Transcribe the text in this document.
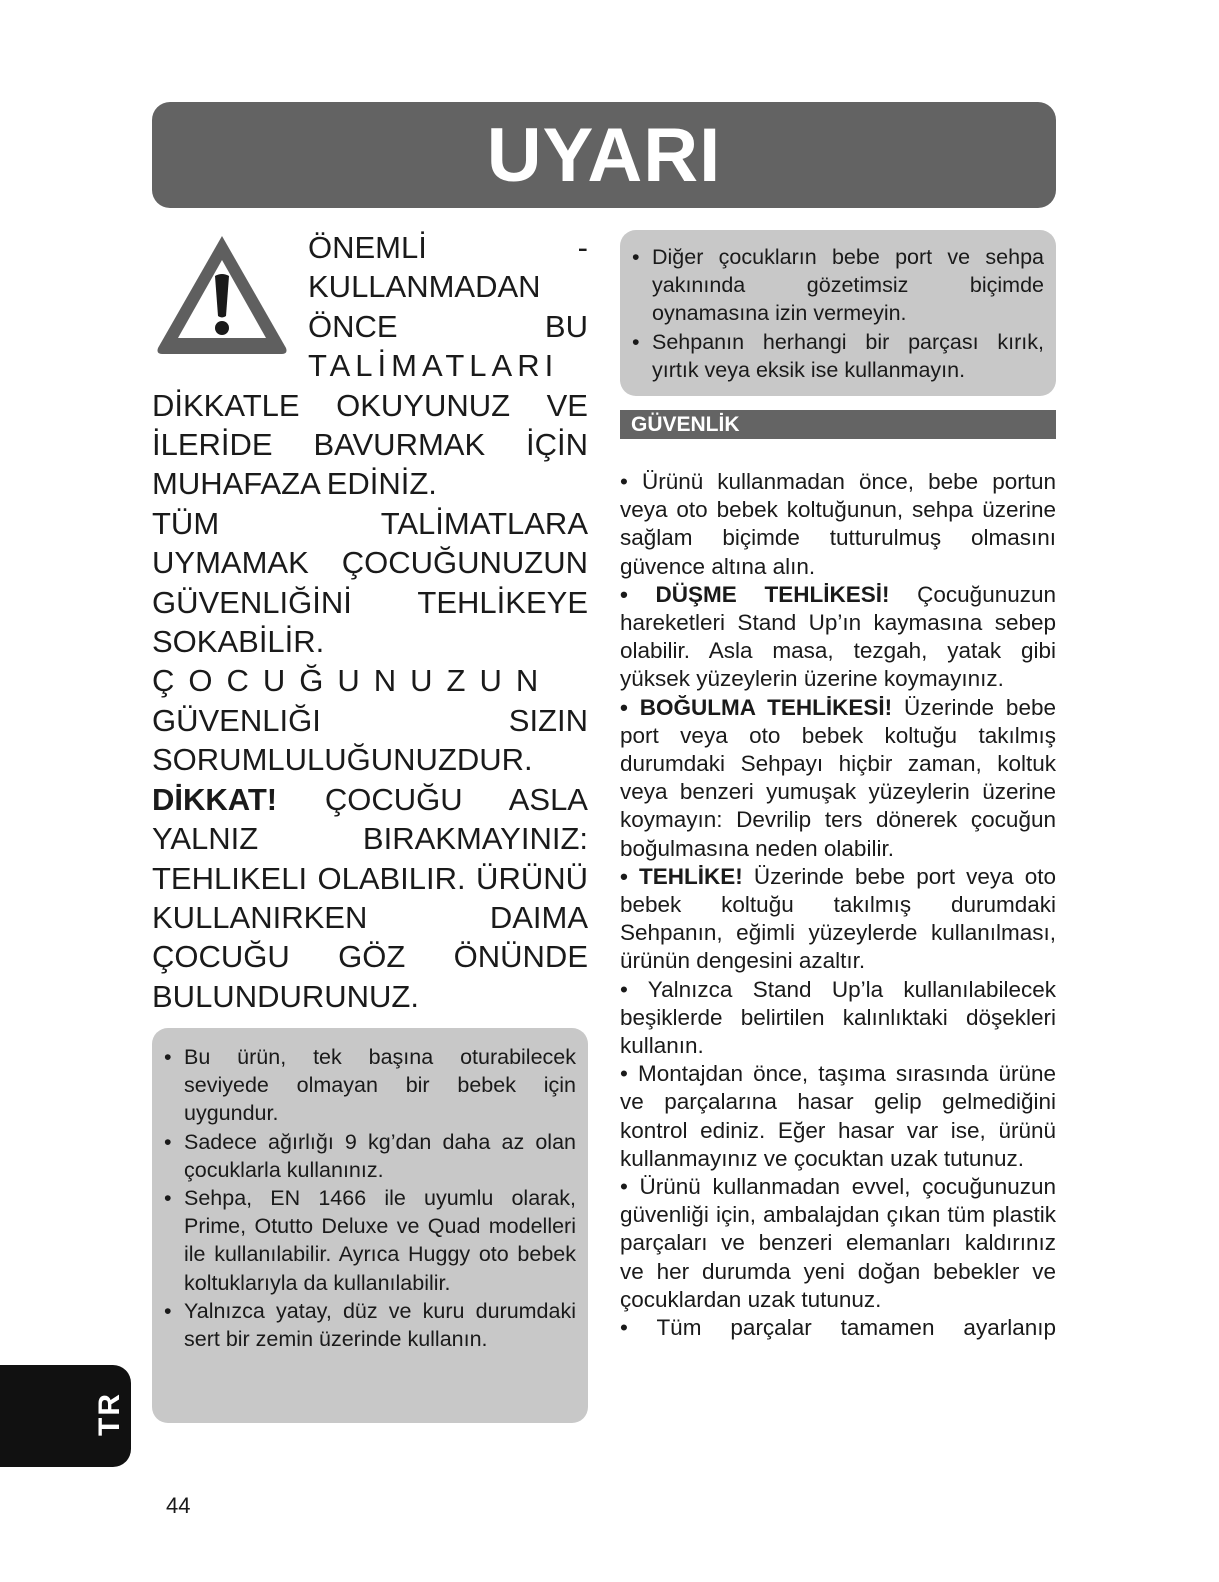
UYARI

ÖNEMLİ -
KULLANMADAN
ÖNCE BU
TALİMATLARI
DİKKATLE OKUYUNUZ VE
İLERİDE BAVURMAK İÇİN
MUHAFAZA EDİNİZ.
TÜM TALİMATLARA
UYMAMAK ÇOCUĞUNUZUN
GÜVENLIĞİNİ TEHLİKEYE
SOKABİLİR.
ÇOCUĞUNUZUN
GÜVENLIĞI SIZIN
SORUMLULUĞUNUZDUR.
DİKKAT! ÇOCUĞU ASLA
YALNIZ BIRAKMAYINIZ:
TEHLIKELI OLABILIR. ÜRÜNÜ
KULLANIRKEN DAIMA
ÇOCUĞU GÖZ ÖNÜNDE
BULUNDURUNUZ.

• Bu ürün, tek başına oturabilecek seviyede olmayan bir bebek için uygundur.
• Sadece ağırlığı 9 kg’dan daha az olan çocuklarla kullanınız.
• Sehpa, EN 1466 ile uyumlu olarak, Prime, Otutto Deluxe ve Quad modelleri ile kullanılabilir. Ayrıca Huggy oto bebek koltuklarıyla da kullanılabilir.
• Yalnızca yatay, düz ve kuru durumdaki sert bir zemin üzerinde kullanın.
• Diğer çocukların bebe port ve sehpa yakınında gözetimsiz biçimde oynamasına izin vermeyin.
• Sehpanın herhangi bir parçası kırık, yırtık veya eksik ise kullanmayın.
GÜVENLİK

• Ürünü kullanmadan önce, bebe portun veya oto bebek koltuğunun, sehpa üzerine sağlam biçimde tutturulmuş olmasını güvence altına alın.

• DÜŞME TEHLİKESİ! Çocuğunuzun hareketleri Stand Up’ın kaymasına sebep olabilir. Asla masa, tezgah, yatak gibi yüksek yüzeylerin üzerine koymayınız.

• BOĞULMA TEHLİKESİ! Üzerinde bebe port veya oto bebek koltuğu takılmış durumdaki Sehpayı hiçbir zaman, koltuk veya benzeri yumuşak yüzeylerin üzerine koymayın: Devrilip ters dönerek çocuğun boğulmasına neden olabilir.

• TEHLİKE! Üzerinde bebe port veya oto bebek koltuğu takılmış durumdaki Sehpanın, eğimli yüzeylerde kullanılması, ürünün dengesini azaltır.

• Yalnızca Stand Up’la kullanılabilecek beşiklerde belirtilen kalınlıktaki döşekleri kullanın.

• Montajdan önce, taşıma sırasında ürüne ve parçalarına hasar gelip gelmediğini kontrol ediniz. Eğer hasar var ise, ürünü kullanmayınız ve çocuktan uzak tutunuz.

• Ürünü kullanmadan evvel, çocuğunuzun güvenliği için, ambalajdan çıkan tüm plastik parçaları ve benzeri elemanları kaldırınız ve her durumda yeni doğan bebekler ve çocuklardan uzak tutunuz.

• Tüm parçalar tamamen ayarlanıp

TR
44
